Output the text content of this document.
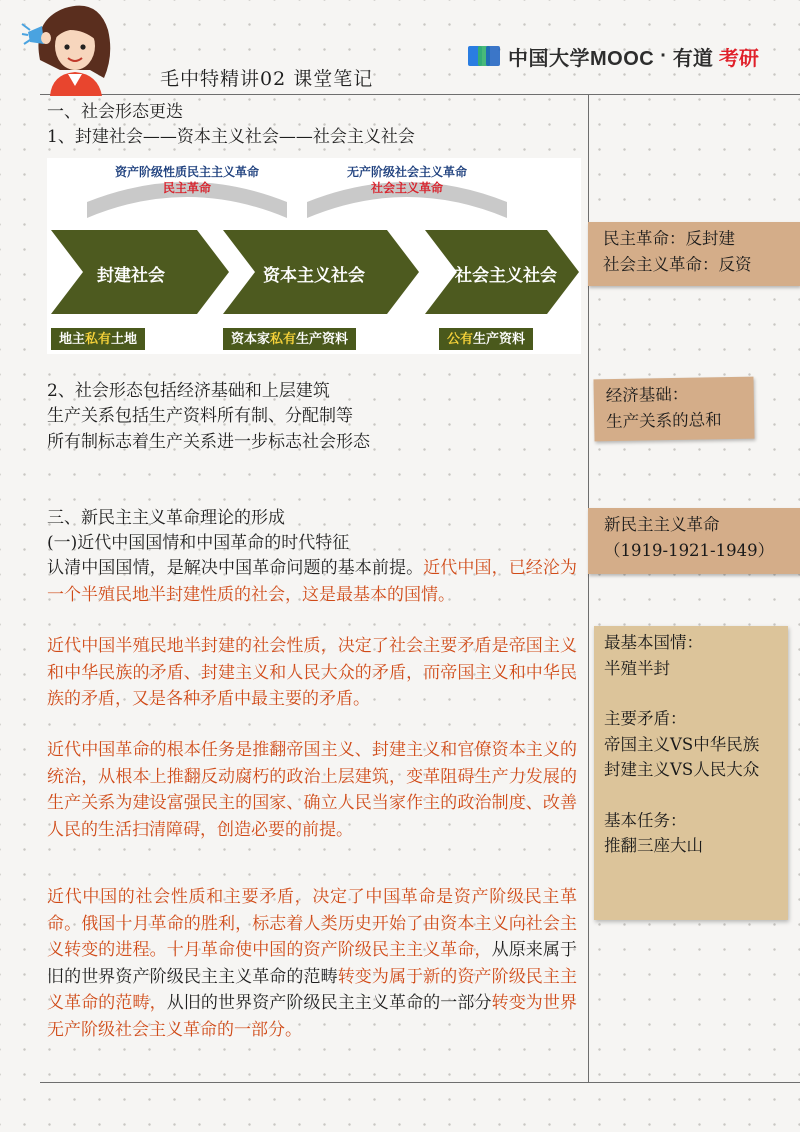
毛中特精讲02 课堂笔记
中国大学MOOC · 有道 考研
一、社会形态更迭
1、封建社会——资本主义社会——社会主义社会
资产阶级性质民主主义革命
民主革命
无产阶级社会主义革命
社会主义革命
封建社会	资本主义社会	社会主义社会
地主私有土地	资本家私有生产资料	公有生产资料
2、社会形态包括经济基础和上层建筑
生产关系包括生产资料所有制、分配制等
所有制标志着生产关系进一步标志社会形态
三、新民主主义革命理论的形成
(一)近代中国国情和中国革命的时代特征
认清中国国情，是解决中国革命问题的基本前提。近代中国，已经沦为一个半殖民地半封建性质的社会，这是最基本的国情。
近代中国半殖民地半封建的社会性质，决定了社会主要矛盾是帝国主义和中华民族的矛盾、封建主义和人民大众的矛盾，而帝国主义和中华民族的矛盾，又是各种矛盾中最主要的矛盾。
近代中国革命的根本任务是推翻帝国主义、封建主义和官僚资本主义的统治，从根本上推翻反动腐朽的政治上层建筑，变革阻碍生产力发展的生产关系为建设富强民主的国家、确立人民当家作主的政治制度、改善人民的生活扫清障碍，创造必要的前提。
近代中国的社会性质和主要矛盾，决定了中国革命是资产阶级民主革命。俄国十月革命的胜利，标志着人类历史开始了由资本主义向社会主义转变的进程。十月革命使中国的资产阶级民主主义革命，从原来属于旧的世界资产阶级民主主义革命的范畴转变为属于新的资产阶级民主主义革命的范畴，从旧的世界资产阶级民主主义革命的一部分转变为世界无产阶级社会主义革命的一部分。
民主革命：反封建
社会主义革命：反资
经济基础：
生产关系的总和
新民主主义革命
（1919-1921-1949）
最基本国情：
半殖半封
主要矛盾：
帝国主义VS中华民族
封建主义VS人民大众
基本任务：
推翻三座大山
